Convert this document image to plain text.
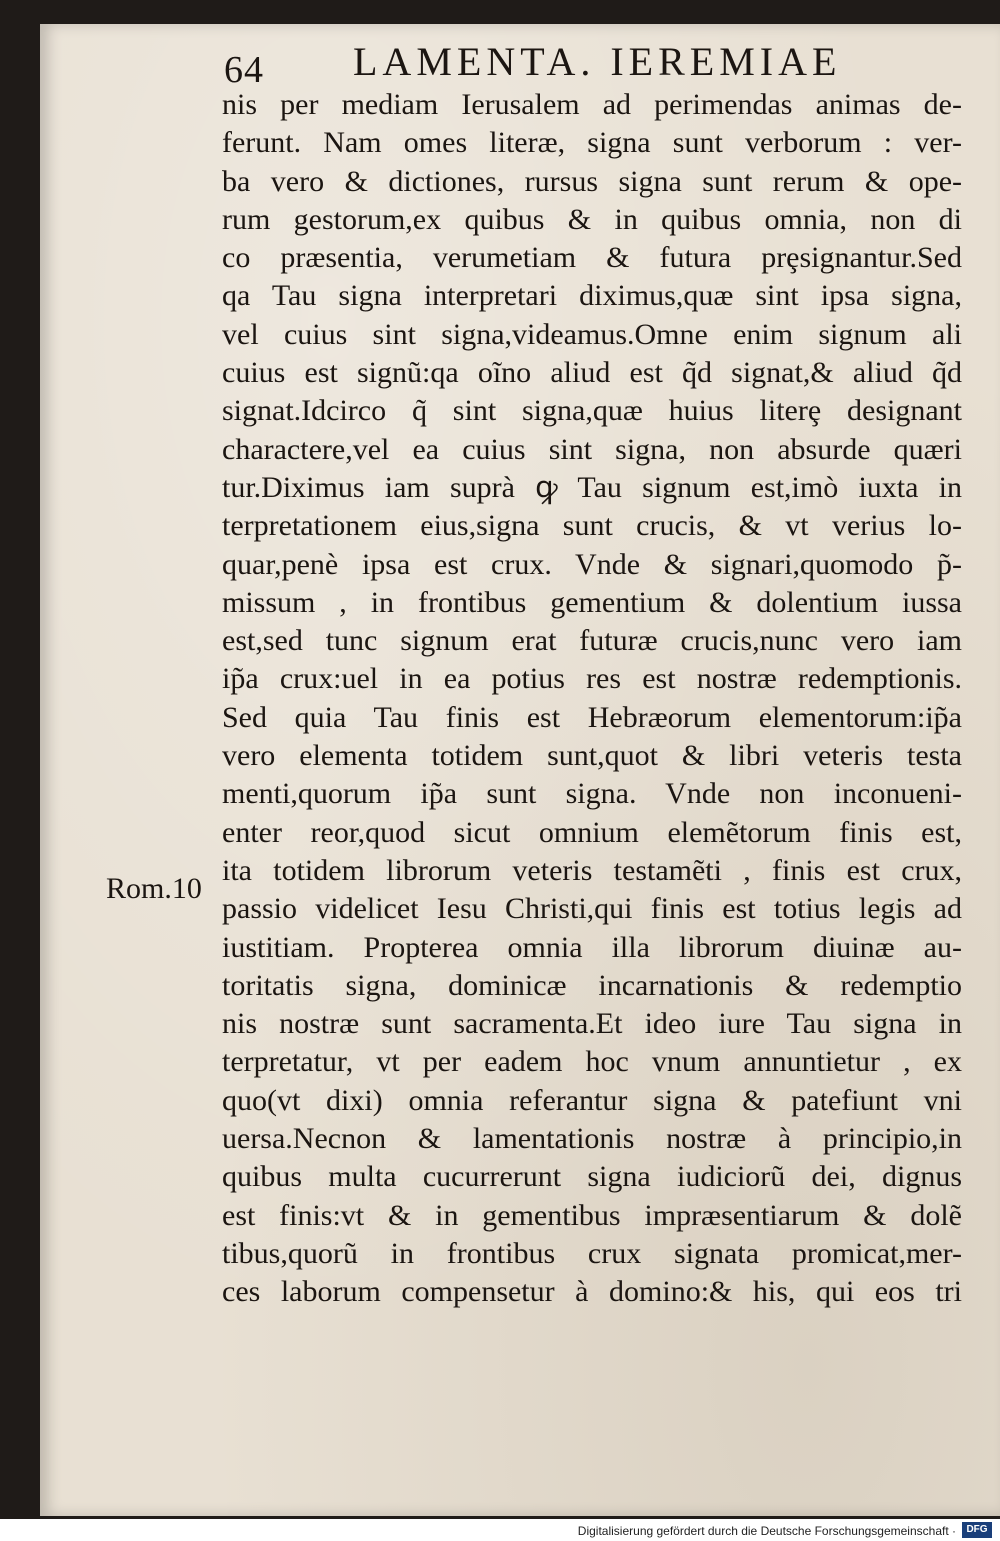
64 LAMENTA. IEREMIAE
Rom.10
nis per mediam Ierusalem ad perimendas animas de-
ferunt. Nam omes literæ, signa sunt verborum : ver-
ba vero & dictiones, rursus signa sunt rerum & ope-
rum gestorum,ex quibus & in quibus omnia, non di
co præsentia, verumetiam & futura prȩsignantur.Sed
qa Tau signa interpretari diximus,quæ sint ipsa signa,
vel cuius sint signa,videamus.Omne enim signum ali
cuius est signũ:qa oĩno aliud est q̃d signat,& aliud q̃d
signat.Idcirco q̃ sint signa,quæ huius literȩ designant
charactere,vel ea cuius sint signa, non absurde quæri
tur.Diximus iam suprà ꝙ Tau signum est,imò iuxta in
terpretationem eius,signa sunt crucis, & vt verius lo-
quar,penè ipsa est crux. Vnde & signari,quomodo p̃-
missum , in frontibus gementium & dolentium iussa
est,sed tunc signum erat futuræ crucis,nunc vero iam
ip̃a crux:uel in ea potius res est nostræ redemptionis.
Sed quia Tau finis est Hebræorum elementorum:ip̃a
vero elementa totidem sunt,quot & libri veteris testa
menti,quorum ip̃a sunt signa. Vnde non inconueni-
enter reor,quod sicut omnium elemẽtorum finis est,
ita totidem librorum veteris testamẽti , finis est crux,
passio videlicet Iesu Christi,qui finis est totius legis ad
iustitiam. Propterea omnia illa librorum diuinæ au-
toritatis signa, dominicæ incarnationis & redemptio
nis nostræ sunt sacramenta.Et ideo iure Tau signa in
terpretatur, vt per eadem hoc vnum annuntietur , ex
quo(vt dixi) omnia referantur signa & patefiunt vni
uersa.Necnon & lamentationis nostræ à principio,in
quibus multa cucurrerunt signa iudiciorũ dei, dignus
est finis:vt & in gementibus impræsentiarum & dolẽ
tibus,quorũ in frontibus crux signata promicat,mer-
ces laborum compensetur à domino:& his, qui eos tri
Digitalisierung gefördert durch die Deutsche Forschungsgemeinschaft ·	DFG
